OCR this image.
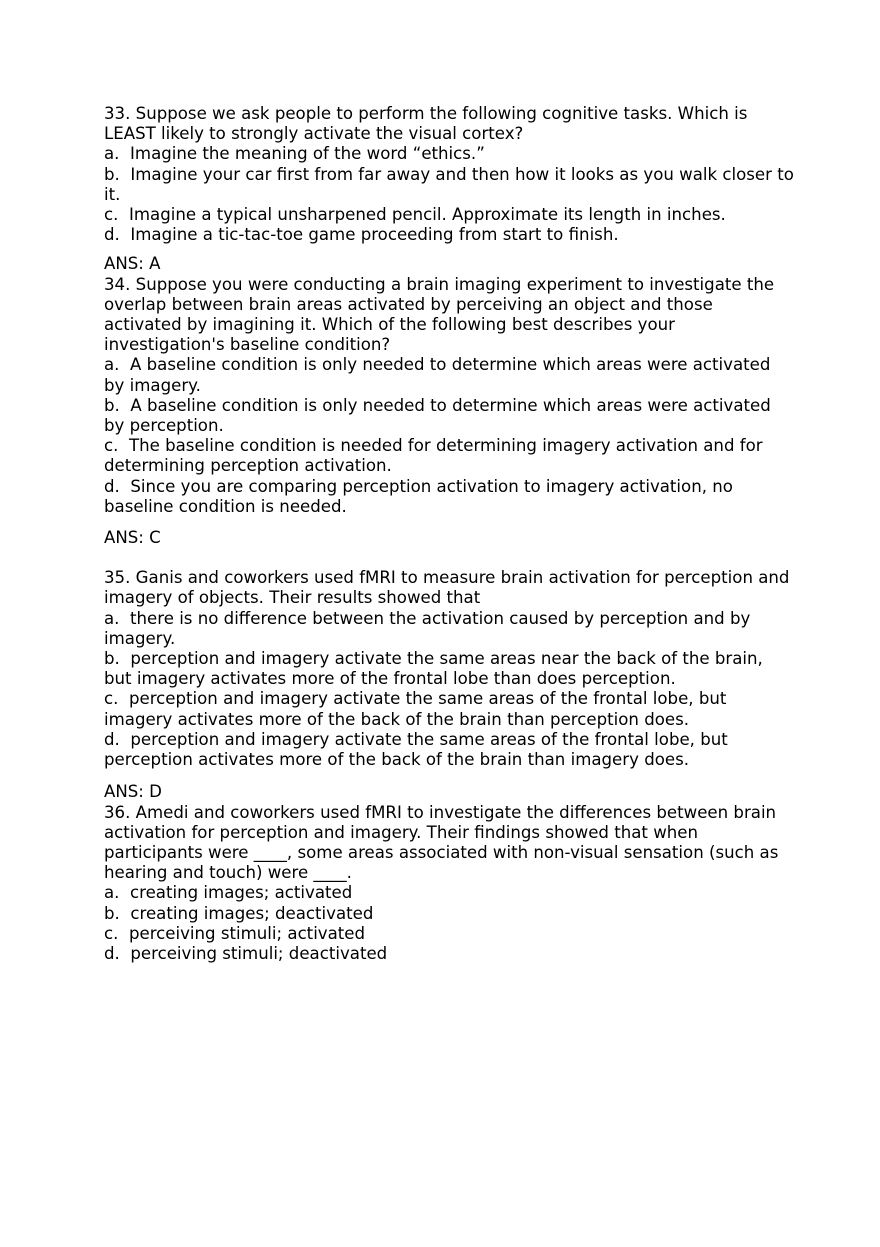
33. Suppose we ask people to perform the following cognitive tasks. Which is LEAST likely to strongly activate the visual cortex?

a. Imagine the meaning of the word “ethics.”

b. Imagine your car first from far away and then how it looks as you walk closer to it.

c. Imagine a typical unsharpened pencil. Approximate its length in inches.

d. Imagine a tic-tac-toe game proceeding from start to finish.

ANS: A

34. Suppose you were conducting a brain imaging experiment to investigate the overlap between brain areas activated by perceiving an object and those activated by imagining it. Which of the following best describes your investigation's baseline condition?

a. A baseline condition is only needed to determine which areas were activated by imagery.

b. A baseline condition is only needed to determine which areas were activated by perception.

c. The baseline condition is needed for determining imagery activation and for determining perception activation.

d. Since you are comparing perception activation to imagery activation, no baseline condition is needed.

ANS: C

35. Ganis and coworkers used fMRI to measure brain activation for perception and imagery of objects. Their results showed that

a. there is no difference between the activation caused by perception and by imagery.

b. perception and imagery activate the same areas near the back of the brain, but imagery activates more of the frontal lobe than does perception.

c. perception and imagery activate the same areas of the frontal lobe, but imagery activates more of the back of the brain than perception does.

d. perception and imagery activate the same areas of the frontal lobe, but perception activates more of the back of the brain than imagery does.

ANS: D

36. Amedi and coworkers used fMRI to investigate the differences between brain activation for perception and imagery. Their findings showed that when participants were ____, some areas associated with non-visual sensation (such as hearing and touch) were ____.

a. creating images; activated

b. creating images; deactivated

c. perceiving stimuli; activated

d. perceiving stimuli; deactivated
